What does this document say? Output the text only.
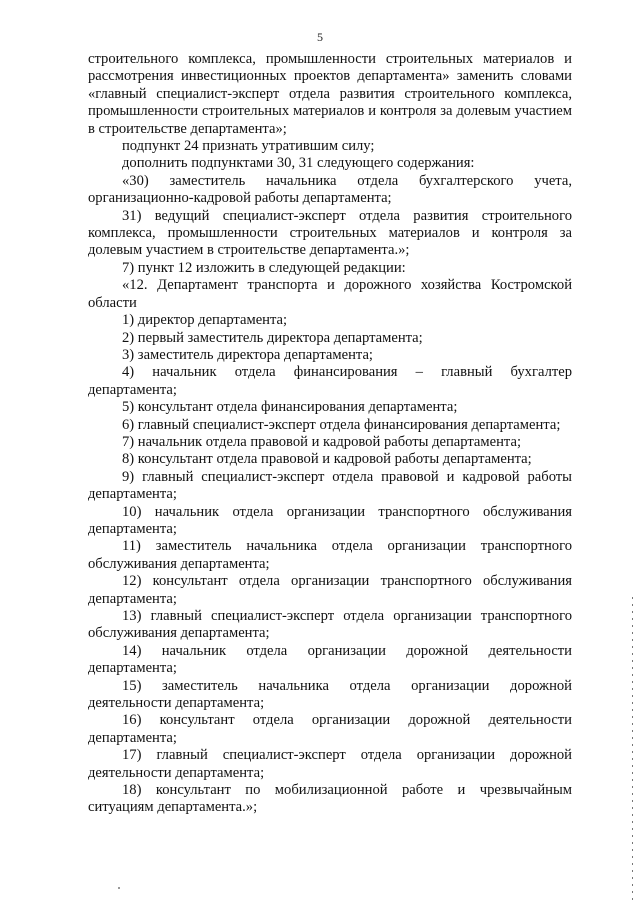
5

строительного комплекса, промышленности строительных материалов и рассмотрения инвестиционных проектов департамента» заменить словами «главный специалист-эксперт отдела развития строительного комплекса, промышленности строительных материалов и контроля за долевым участием в строительстве департамента»;

подпункт 24 признать утратившим силу;

дополнить подпунктами 30, 31 следующего содержания:

«30) заместитель начальника отдела бухгалтерского учета, организационно-кадровой работы департамента;

31) ведущий специалист-эксперт отдела развития строительного комплекса, промышленности строительных материалов и контроля за долевым участием в строительстве департамента.»;

7) пункт 12 изложить в следующей редакции:

«12. Департамент транспорта и дорожного хозяйства Костромской области

1) директор департамента;

2) первый заместитель директора департамента;

3) заместитель директора департамента;

4) начальник отдела финансирования – главный бухгалтер департамента;

5) консультант отдела финансирования департамента;

6) главный специалист-эксперт отдела финансирования департамента;

7) начальник отдела правовой и кадровой работы департамента;

8) консультант отдела правовой и кадровой работы департамента;

9) главный специалист-эксперт отдела правовой и кадровой работы департамента;

10) начальник отдела организации транспортного обслуживания департамента;

11) заместитель начальника отдела организации транспортного обслуживания департамента;

12) консультант отдела организации транспортного обслуживания департамента;

13) главный специалист-эксперт отдела организации транспортного обслуживания департамента;

14) начальник отдела организации дорожной деятельности департамента;

15) заместитель начальника отдела организации дорожной деятельности департамента;

16) консультант отдела организации дорожной деятельности департамента;

17) главный специалист-эксперт отдела организации дорожной деятельности департамента;

18) консультант по мобилизационной работе и чрезвычайным ситуациям департамента.»;
